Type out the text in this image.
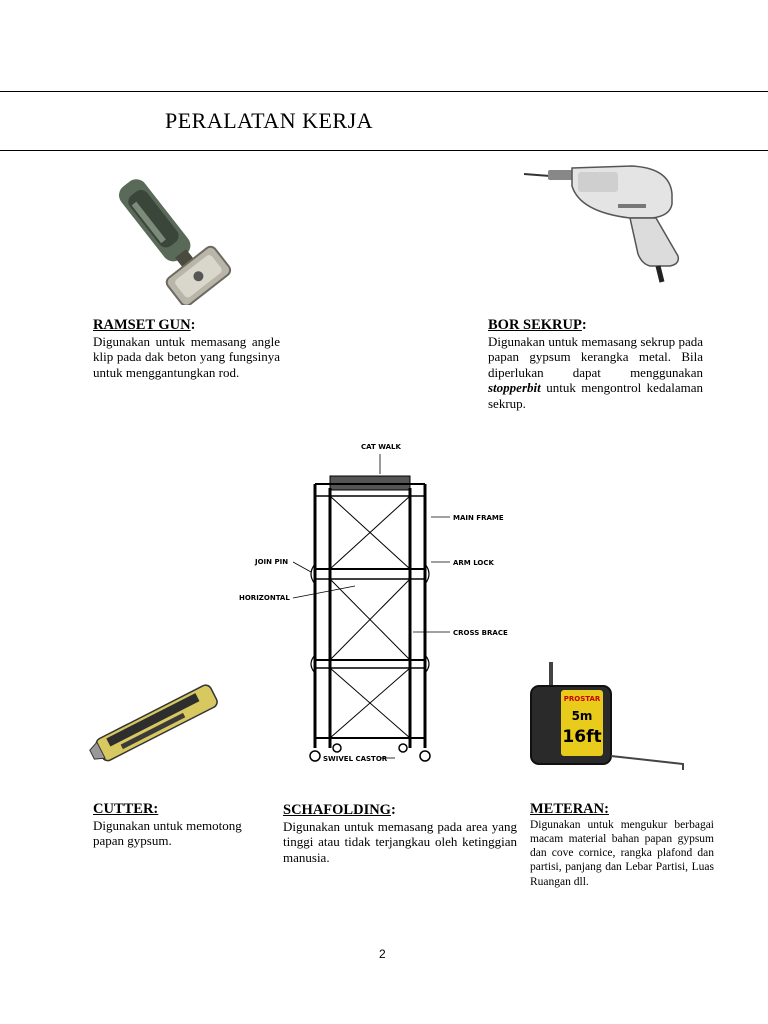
PERALATAN KERJA

RAMSET GUN:

Digunakan untuk memasang angle klip pada dak beton yang fungsinya untuk menggantungkan rod.

BOR SEKRUP:

Digunakan untuk memasang sekrup pada papan gypsum kerangka metal. Bila diperlukan dapat menggunakan stopperbit untuk mengontrol kedalaman sekrup.

CAT WALK
MAIN FRAME
JOIN PIN	ARM LOCK
HORIZONTAL
CROSS BRACE
SWIVEL CASTOR
PROSTAR
5m
16ft

CUTTER:

Digunakan untuk memotong papan gypsum.

SCHAFOLDING:

Digunakan untuk memasang pada area yang tinggi atau tidak terjangkau oleh ketinggian manusia.

METERAN:

Digunakan untuk mengukur berbagai macam material bahan papan gypsum dan cove cornice, rangka plafond dan partisi, panjang dan Lebar Partisi, Luas Ruangan dll.

2
